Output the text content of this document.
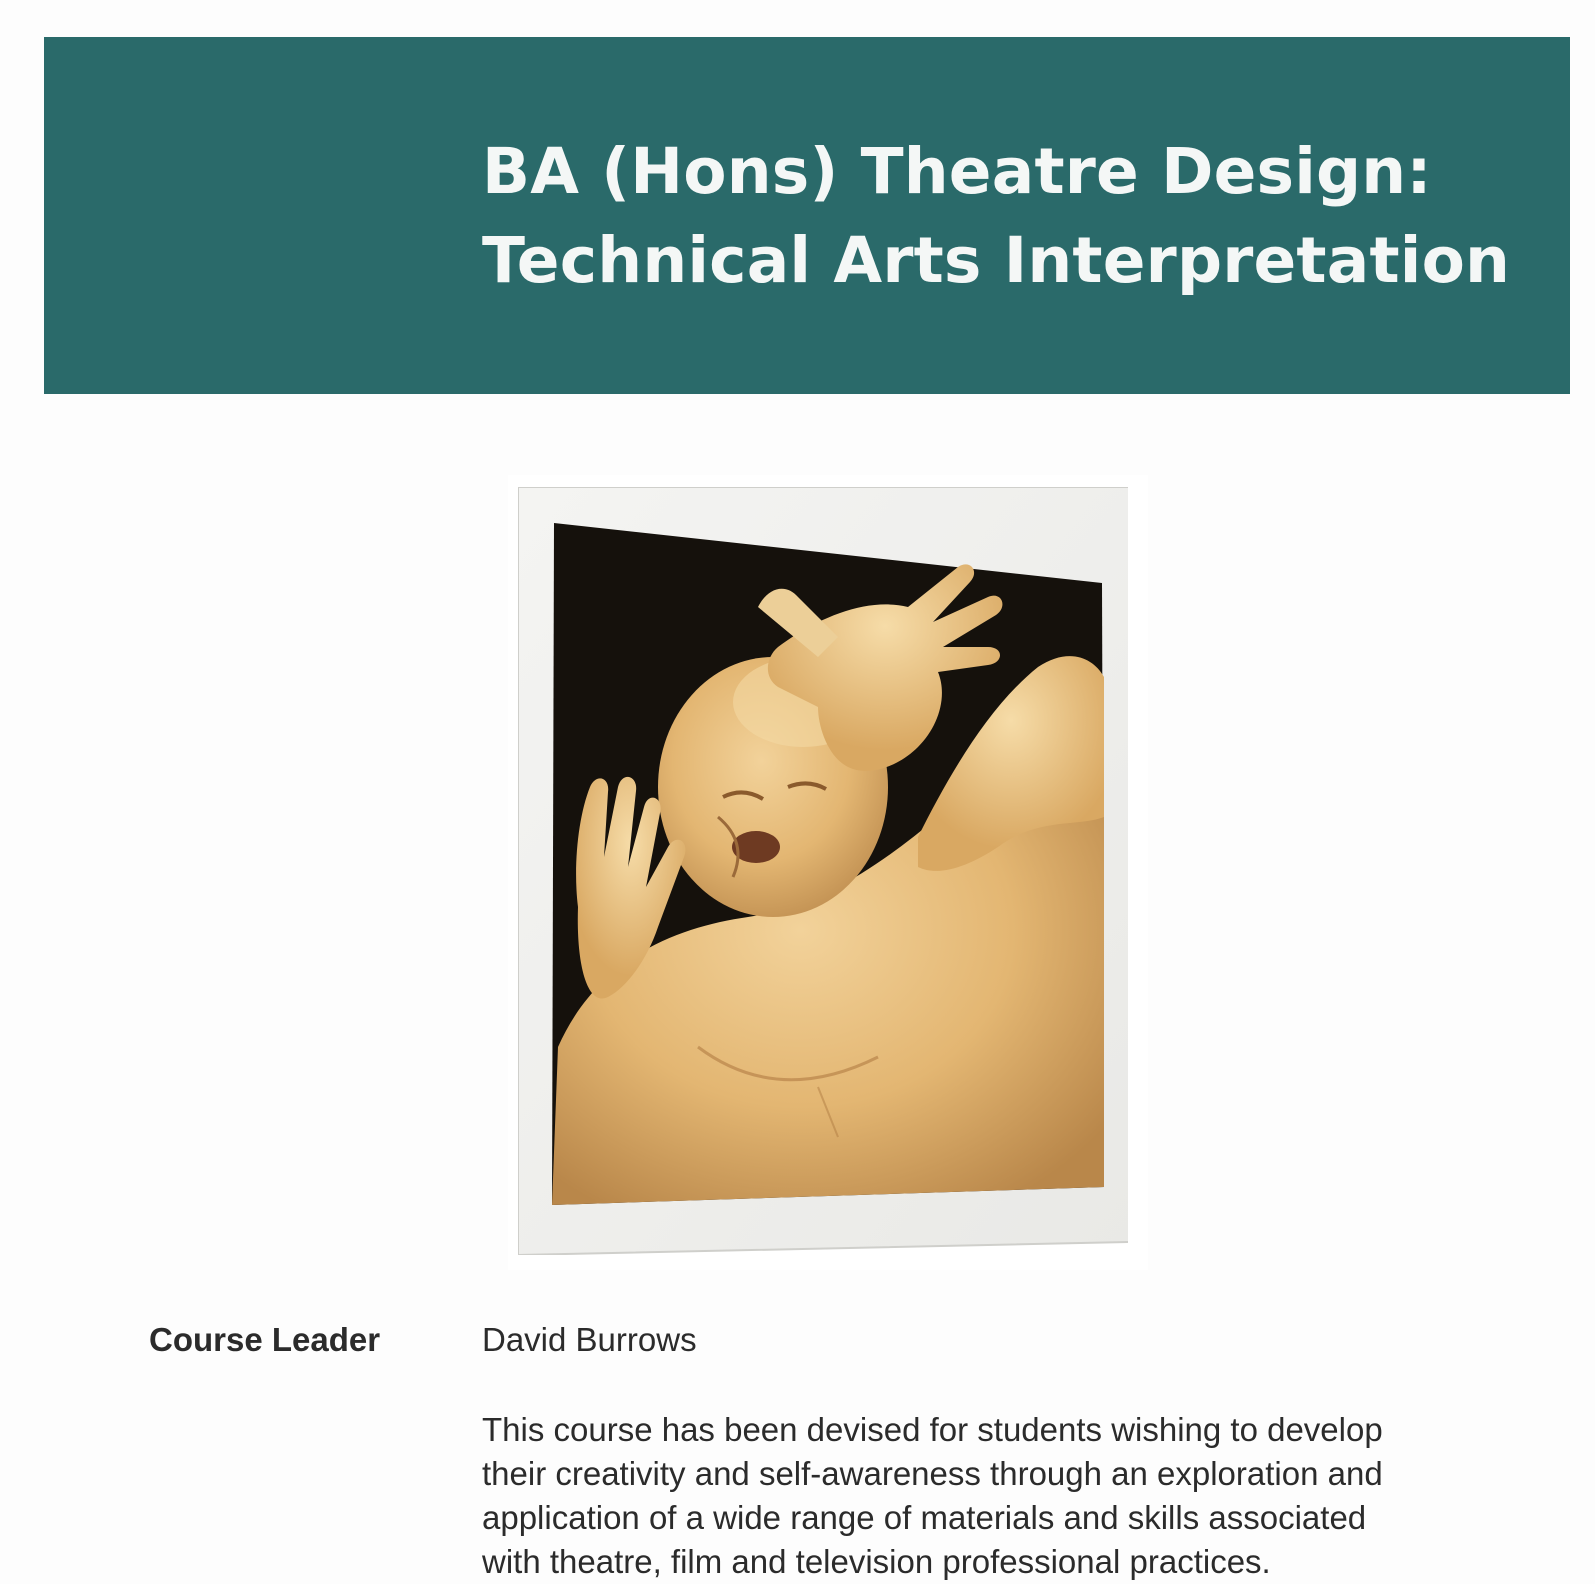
BA (Hons) Theatre Design:
Technical Arts Interpretation

Course Leader	David Burrows

This course has been devised for students wishing to develop
their creativity and self-awareness through an exploration and
application of a wide range of materials and skills associated
with theatre, film and television professional practices.
